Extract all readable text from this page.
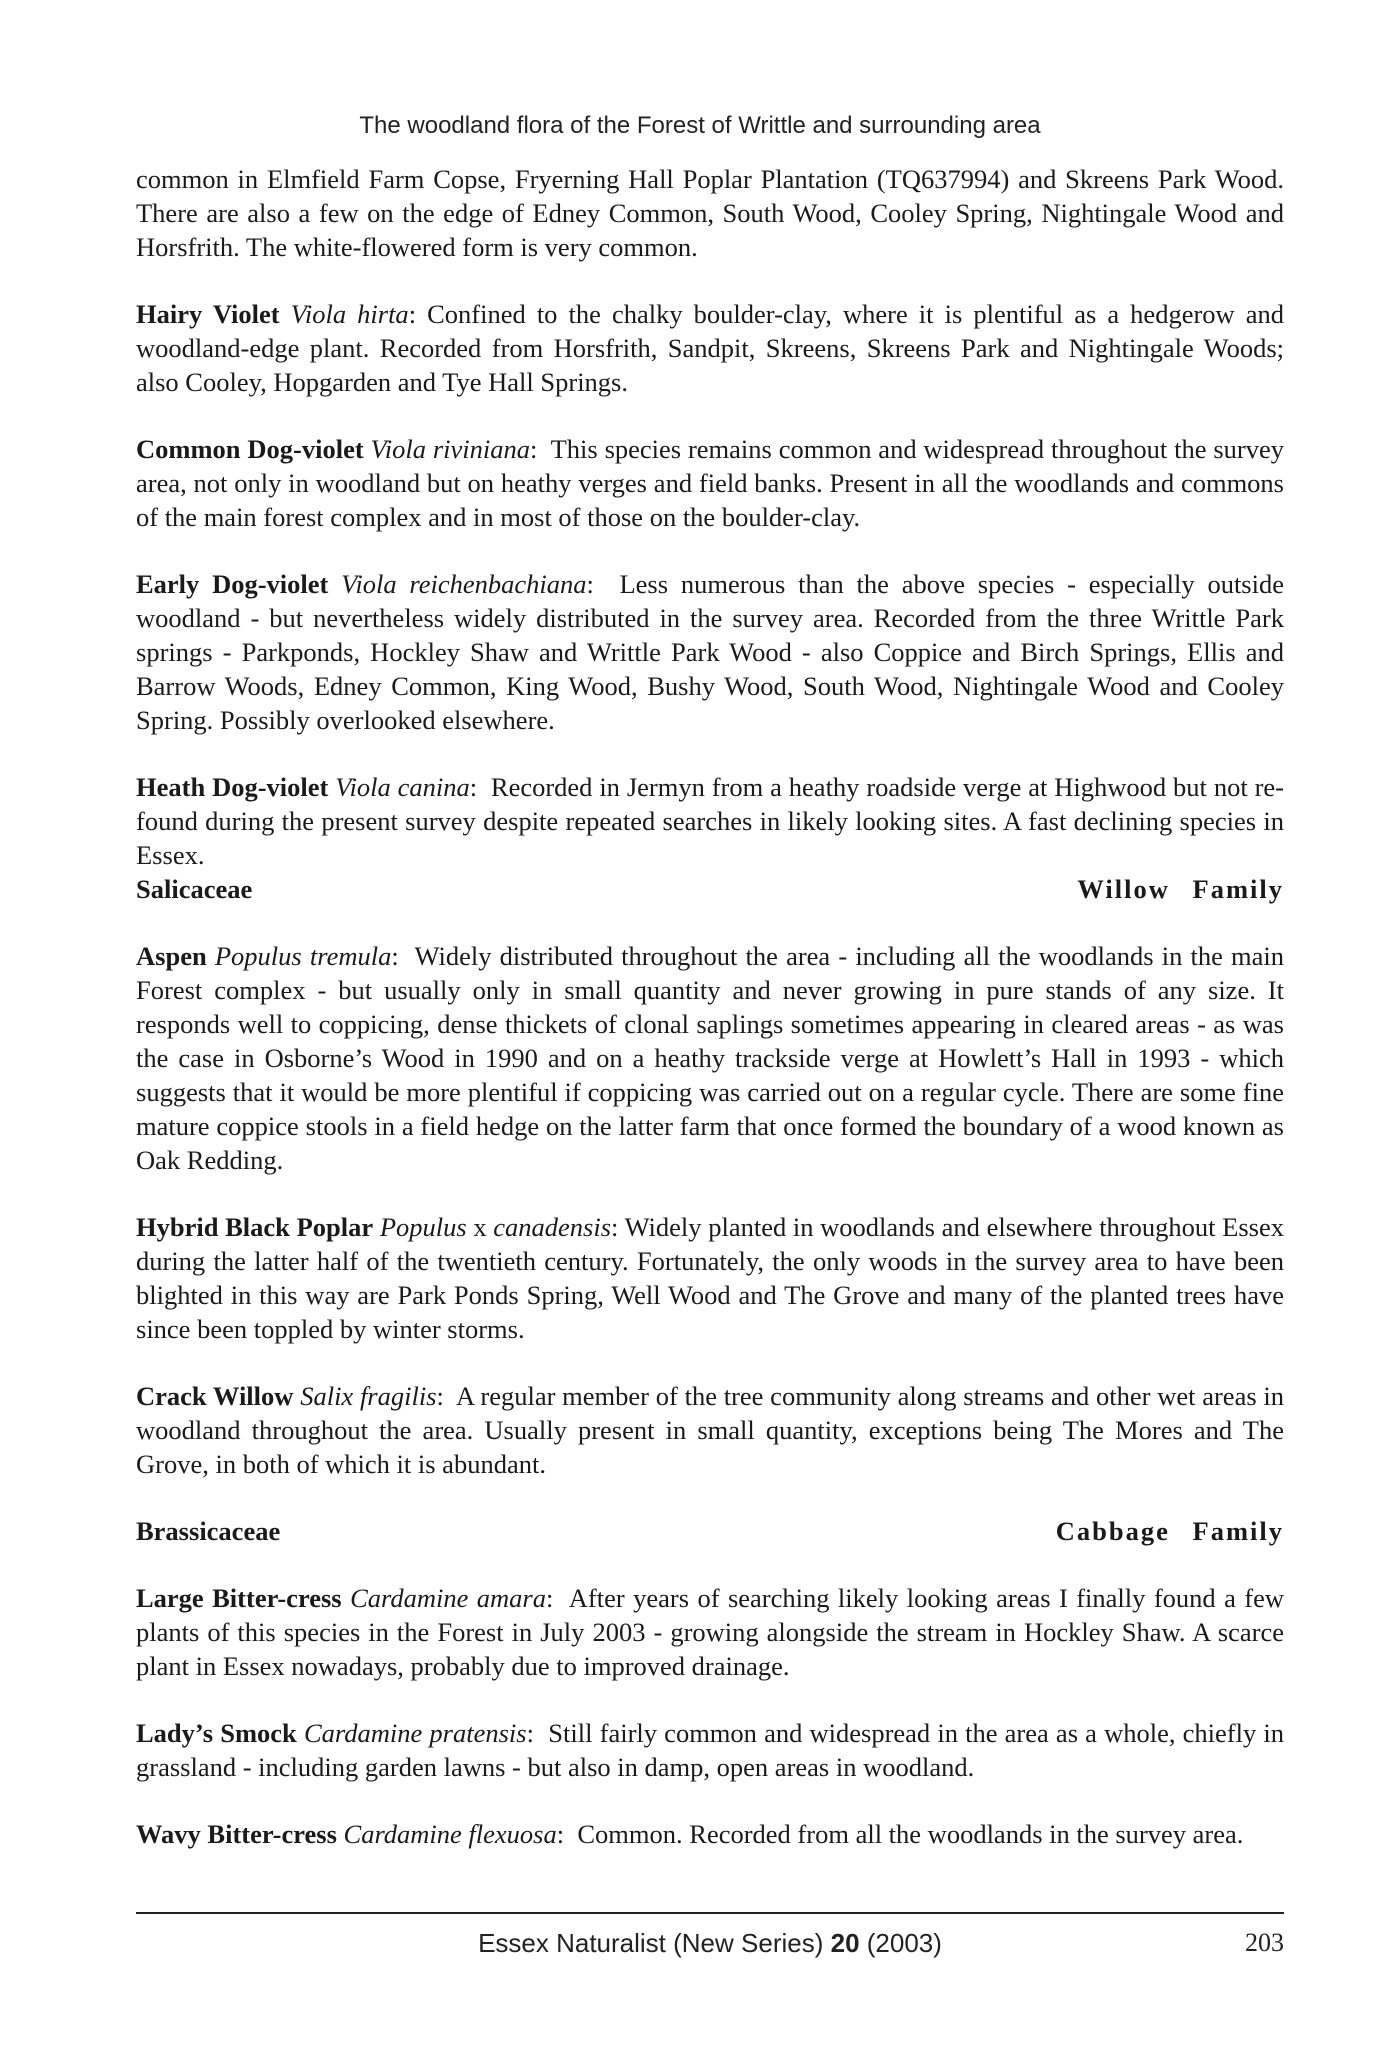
The woodland flora of the Forest of Writtle and surrounding area

common in Elmfield Farm Copse, Fryerning Hall Poplar Plantation (TQ637994) and Skreens Park Wood. There are also a few on the edge of Edney Common, South Wood, Cooley Spring, Nightingale Wood and Horsfrith. The white-flowered form is very common.

Hairy Violet Viola hirta: Confined to the chalky boulder-clay, where it is plentiful as a hedgerow and woodland-edge plant. Recorded from Horsfrith, Sandpit, Skreens, Skreens Park and Nightingale Woods; also Cooley, Hopgarden and Tye Hall Springs.

Common Dog-violet Viola riviniana:  This species remains common and widespread throughout the survey area, not only in woodland but on heathy verges and field banks. Present in all the woodlands and commons of the main forest complex and in most of those on the boulder-clay.

Early Dog-violet Viola reichenbachiana:  Less numerous than the above species - especially outside woodland - but nevertheless widely distributed in the survey area. Recorded from the three Writtle Park springs - Parkponds, Hockley Shaw and Writtle Park Wood - also Coppice and Birch Springs, Ellis and Barrow Woods, Edney Common, King Wood, Bushy Wood, South Wood, Nightingale Wood and Cooley Spring. Possibly overlooked elsewhere.

Heath Dog-violet Viola canina:  Recorded in Jermyn from a heathy roadside verge at Highwood but not re-found during the present survey despite repeated searches in likely looking sites. A fast declining species in Essex.

Salicaceae	Willow Family

Aspen Populus tremula:  Widely distributed throughout the area - including all the woodlands in the main Forest complex - but usually only in small quantity and never growing in pure stands of any size. It responds well to coppicing, dense thickets of clonal saplings sometimes appearing in cleared areas - as was the case in Osborne’s Wood in 1990 and on a heathy trackside verge at Howlett’s Hall in 1993 - which suggests that it would be more plentiful if coppicing was carried out on a regular cycle. There are some fine mature coppice stools in a field hedge on the latter farm that once formed the boundary of a wood known as Oak Redding.

Hybrid Black Poplar Populus x canadensis: Widely planted in woodlands and elsewhere throughout Essex during the latter half of the twentieth century. Fortunately, the only woods in the survey area to have been blighted in this way are Park Ponds Spring, Well Wood and The Grove and many of the planted trees have since been toppled by winter storms.

Crack Willow Salix fragilis:  A regular member of the tree community along streams and other wet areas in woodland throughout the area. Usually present in small quantity, exceptions being The Mores and The Grove, in both of which it is abundant.

Brassicaceae	Cabbage Family

Large Bitter-cress Cardamine amara:  After years of searching likely looking areas I finally found a few plants of this species in the Forest in July 2003 - growing alongside the stream in Hockley Shaw. A scarce plant in Essex nowadays, probably due to improved drainage.

Lady’s Smock Cardamine pratensis:  Still fairly common and widespread in the area as a whole, chiefly in grassland - including garden lawns - but also in damp, open areas in woodland.

Wavy Bitter-cress Cardamine flexuosa:  Common. Recorded from all the woodlands in the survey area.

Essex Naturalist (New Series) 20 (2003)	203
